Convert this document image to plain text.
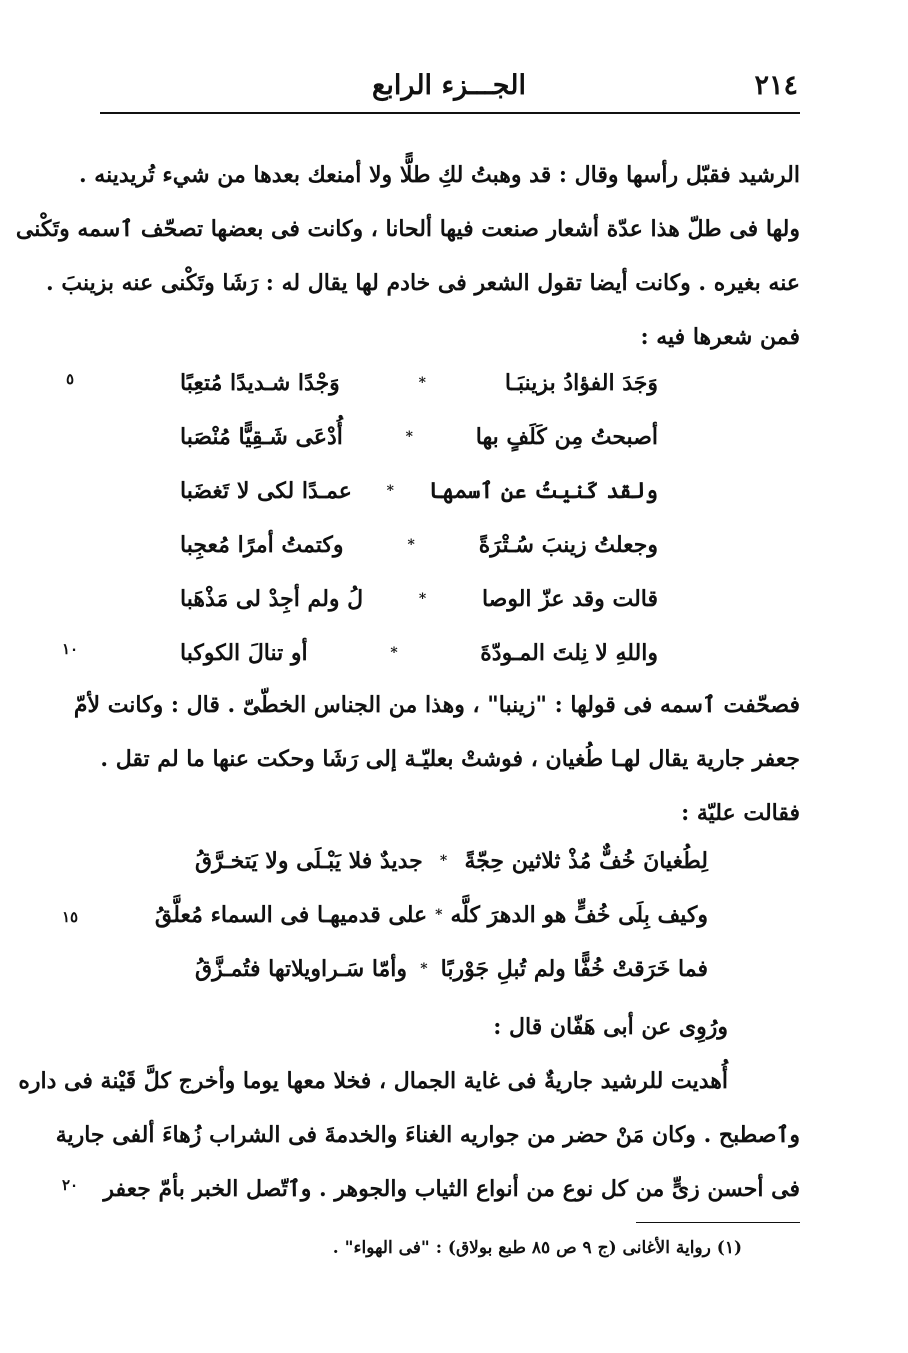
٢١٤
الجـــزء الرابع
الرشيد فقبّل رأسها وقال : قد وهبتُ لكِ طلًّا ولا أمنعك بعدها من شيء تُريدينه .
ولها فى طلّ هذا عدّة أشعار صنعت فيها ألحانا ، وكانت فى بعضها تصحّف ٱسمه وتَكْنى
عنه بغيره . وكانت أيضا تقول الشعر فى خادم لها يقال له : رَشَا وتَكْنى عنه بزينبَ .
فمن شعرها فيه :
وَجَدَ الفؤادُ بزينبَـا
*
وَجْدًا شـديدًا مُتعِبًا
أصبحتُ مِن كَلَفٍ بها
*
أُدْعَى شَـقِيًّا مُنْصَبا
ولقد كَنيتُ عن ٱسمها
*
عمـدًا لكى لا تَغضَبا
وجعلتُ زينبَ سُـتْرَةً
*
وكتمتُ أمرًا مُعجِبا
قالت وقد عزّ الوصا
*
لُ ولم أجِدْ لى مَذْهَبا
واللهِ لا نِلتَ المـودّةَ
*
أو تنالَ الكوكبا
فصحّفت ٱسمه فى قولها : "زينبا" ، وهذا من الجناس الخطّىّ . قال : وكانت لأمّ
جعفر جارية يقال لهـا طُغيان ، فوشتْ بعليّـة إلى رَشَا وحكت عنها ما لم تقل .
فقالت عليّة :
لِطُغيانَ خُفٌّ مُذْ ثلاثين حِجّةً
*
جديدٌ فلا يَبْـلَى ولا يَتخـرَّقُ
وكيف بِلَى خُفٍّ هو الدهرَ كلَّه
*
على قدميهـا فى السماء مُعلَّقُ
فما خَرَقتْ خُفًّا ولم تُبلِ جَوْربًا
*
وأمّا سَـراويلاتها فتُمـزَّقُ
ورُوِى عن أبى هَفّان قال :
أُهديت للرشيد جاريةٌ فى غاية الجمال ، فخلا معها يوما وأخرج كلَّ قَيْنة فى داره
وٱصطبح . وكان مَنْ حضر من جواريه الغناءَ والخدمةَ فى الشراب زُهاءَ ألفى جارية
فى أحسن زىٍّ من كل نوع من أنواع الثياب والجوهر . وٱتّصل الخبر بأمّ جعفر
٥
١٠
١٥
٢٠
(١) رواية الأغانى (ج ٩ ص ٨٥ طبع بولاق) : "فى الهواء" .
